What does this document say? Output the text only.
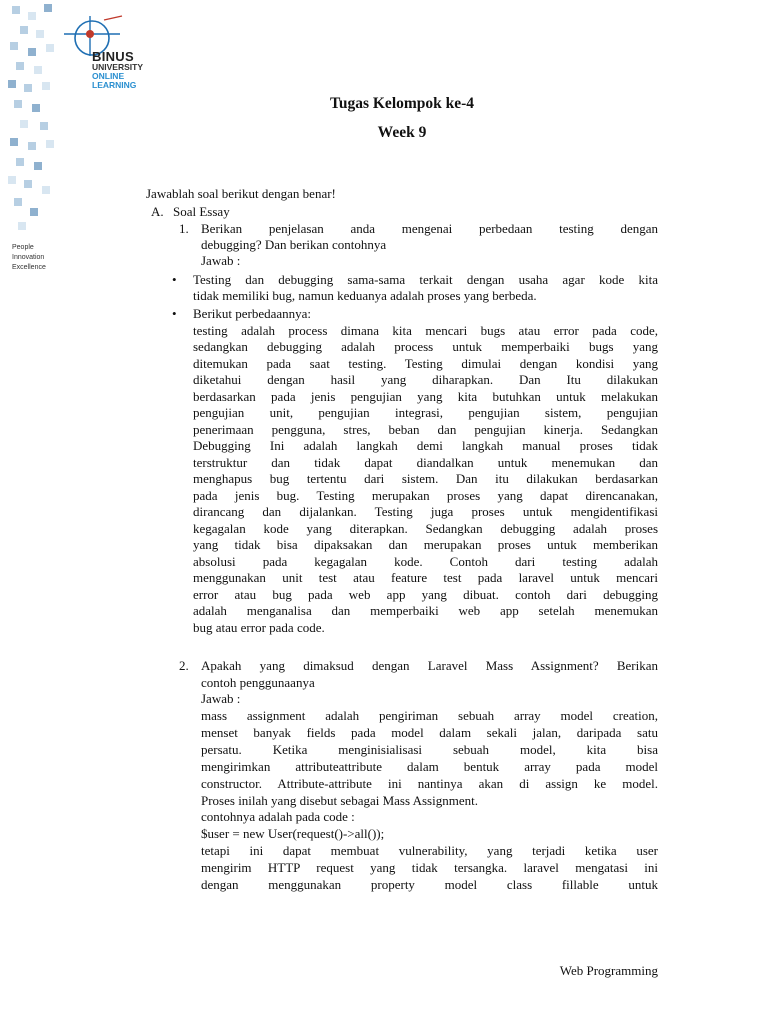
BINUS
UNIVERSITY
ONLINE
LEARNING
People
Innovation
Excellence
Tugas Kelompok ke-4
Week 9
Jawablah soal berikut dengan benar!
A. Soal Essay
1. Berikan penjelasan anda mengenai perbedaan testing dengan
debugging? Dan berikan contohnya
Jawab :
• Testing dan debugging sama-sama terkait dengan usaha agar kode kita
tidak memiliki bug, namun keduanya adalah proses yang berbeda.
• Berikut perbedaannya:
testing adalah process dimana kita mencari bugs atau error pada code,
sedangkan debugging adalah process untuk memperbaiki bugs yang
ditemukan pada saat testing. Testing dimulai dengan kondisi yang
diketahui dengan hasil yang diharapkan. Dan Itu dilakukan
berdasarkan pada jenis pengujian yang kita butuhkan untuk melakukan
pengujian unit, pengujian integrasi, pengujian sistem, pengujian
penerimaan pengguna, stres, beban dan pengujian kinerja. Sedangkan
Debugging Ini adalah langkah demi langkah manual proses tidak
terstruktur dan tidak dapat diandalkan untuk menemukan dan
menghapus bug tertentu dari sistem. Dan itu dilakukan berdasarkan
pada jenis bug. Testing merupakan proses yang dapat direncanakan,
dirancang dan dijalankan. Testing juga proses untuk mengidentifikasi
kegagalan kode yang diterapkan. Sedangkan debugging adalah proses
yang tidak bisa dipaksakan dan merupakan proses untuk memberikan
absolusi pada kegagalan kode. Contoh dari testing adalah
menggunakan unit test atau feature test pada laravel untuk mencari
error atau bug pada web app yang dibuat. contoh dari debugging
adalah menganalisa dan memperbaiki web app setelah menemukan
bug atau error pada code.
2. Apakah yang dimaksud dengan Laravel Mass Assignment? Berikan
contoh penggunaanya
Jawab :
mass assignment adalah pengiriman sebuah array model creation,
menset banyak fields pada model dalam sekali jalan, daripada satu
persatu. Ketika menginisialisasi sebuah model, kita bisa
mengirimkan attributeattribute dalam bentuk array pada model
constructor. Attribute-attribute ini nantinya akan di assign ke model.
Proses inilah yang disebut sebagai Mass Assignment.
contohnya adalah pada code :
$user = new User(request()->all());
tetapi ini dapat membuat vulnerability, yang terjadi ketika user
mengirim HTTP request yang tidak tersangka. laravel mengatasi ini
dengan menggunakan property model class fillable untuk
Web Programming
